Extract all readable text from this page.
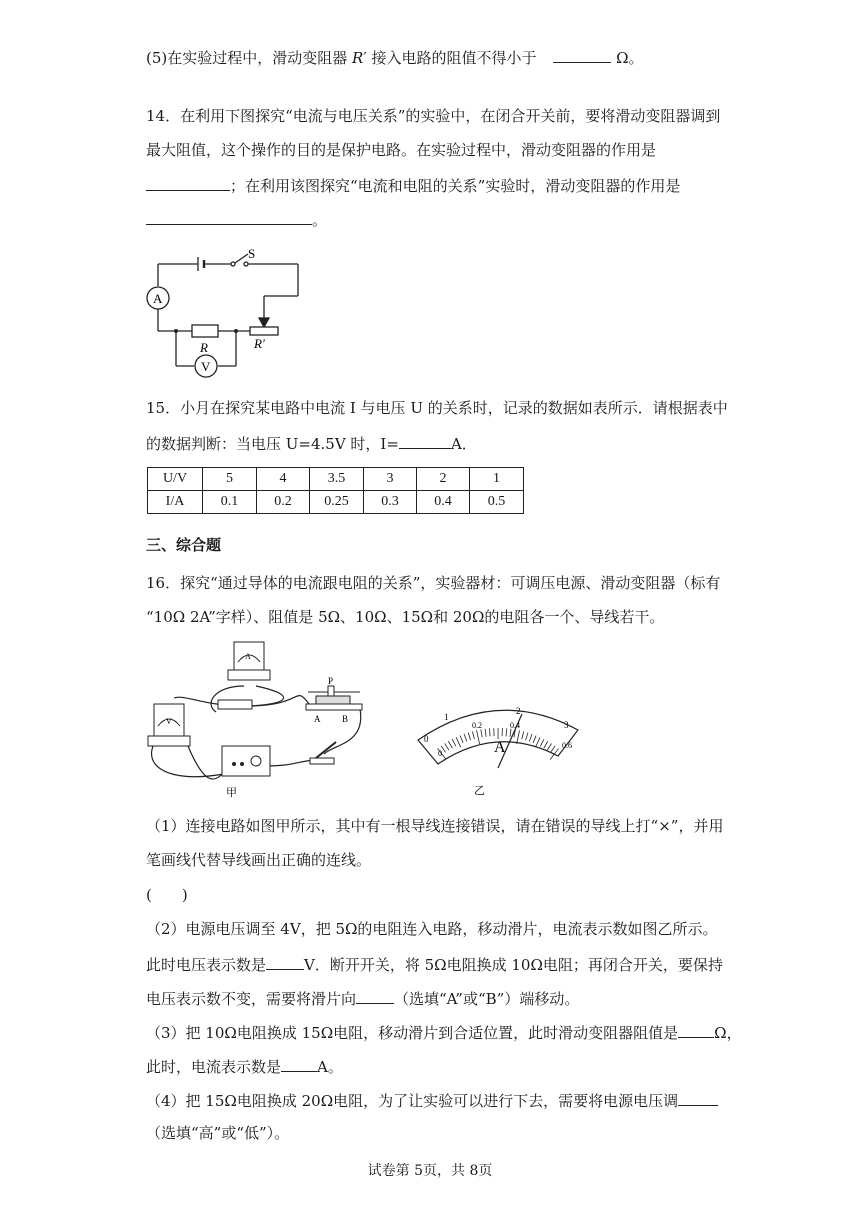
(5)在实验过程中，滑动变阻器 R′ 接入电路的阻值不得小于	Ω。
14．在利用下图探究“电流与电压关系”的实验中，在闭合开关前，要将滑动变阻器调到
最大阻值，这个操作的目的是保护电路。在实验过程中，滑动变阻器的作用是
；在利用该图探究“电流和电阻的关系”实验时，滑动变阻器的作用是
。
S
A
V
R	R′
15．小月在探究某电路中电流 I 与电压 U 的关系时，记录的数据如表所示．请根据表中
的数据判断：当电压 U=4.5V 时，I=	A．
U/V	5	4	3.5	3	2	1
I/A	0.1	0.2	0.25	0.3	0.4	0.5
三、综合题
16．探究“通过导体的电流跟电阻的关系”，实验器材：可调压电源、滑动变阻器（标有
“10Ω 2A”字样）、阻值是 5Ω、10Ω、15Ω和 20Ω的电阻各一个、导线若干。
A
V
P
A B
甲
A
1
2
3
0
0.2	0.4
0.6
0
乙
（1）连接电路如图甲所示，其中有一根导线连接错误，请在错误的导线上打“×”，并用
笔画线代替导线画出正确的连线。
(　　)
（2）电源电压调至 4V，把 5Ω的电阻连入电路，移动滑片，电流表示数如图乙所示。
此时电压表示数是	V．断开开关，将 5Ω电阻换成 10Ω电阻；再闭合开关，要保持
电压表示数不变，需要将滑片向	（选填“A”或“B”）端移动。
（3）把 10Ω电阻换成 15Ω电阻，移动滑片到合适位置，此时滑动变阻器阻值是 Ω，
此时，电流表示数是 A。
（4）把 15Ω电阻换成 20Ω电阻，为了让实验可以进行下去，需要将电源电压调
（选填“高”或“低”）。
试卷第 5页，共 8页
